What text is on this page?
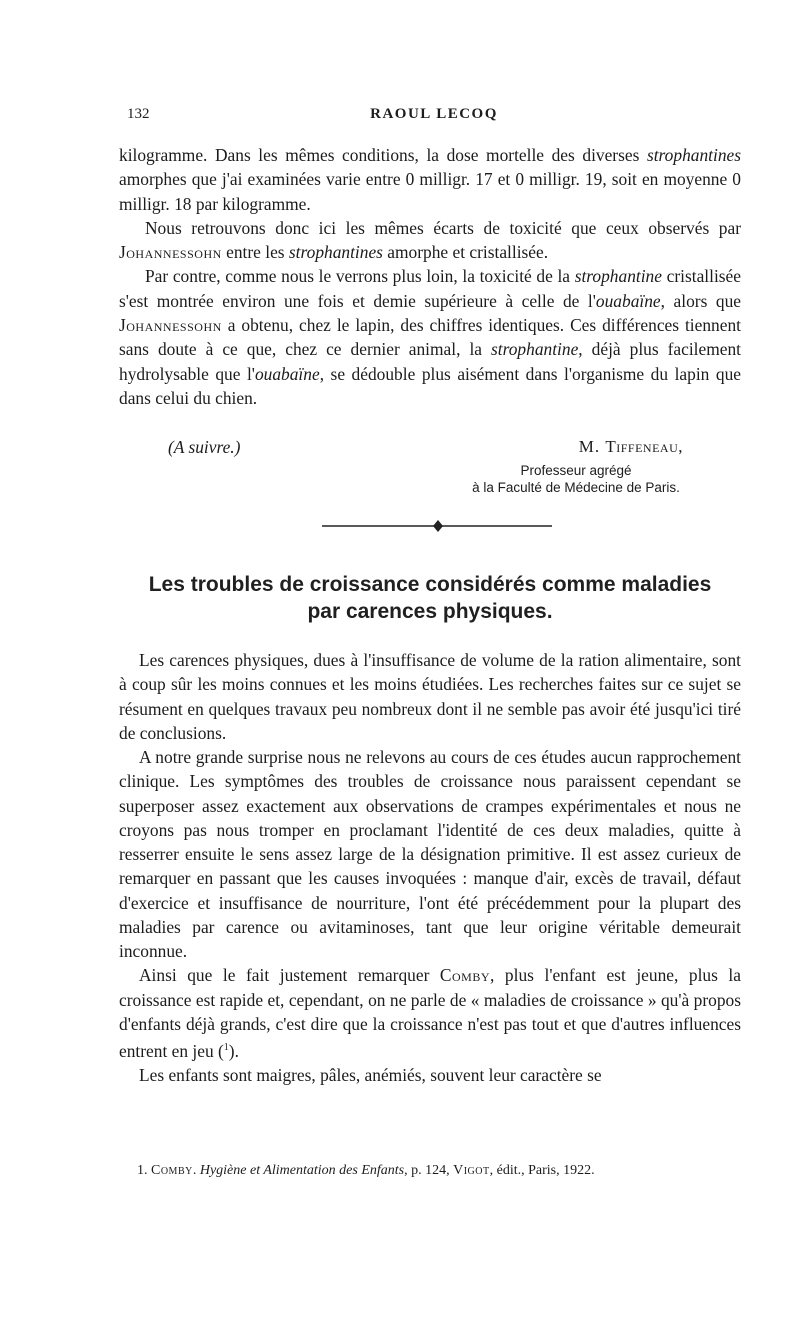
132	RAOUL LECOQ

kilogramme. Dans les mêmes conditions, la dose mortelle des diverses strophantines amorphes que j'ai examinées varie entre 0 milligr. 17 et 0 milligr. 19, soit en moyenne 0 milligr. 18 par kilogramme.

Nous retrouvons donc ici les mêmes écarts de toxicité que ceux observés par Johannessohn entre les strophantines amorphe et cristallisée.

Par contre, comme nous le verrons plus loin, la toxicité de la strophantine cristallisée s'est montrée environ une fois et demie supérieure à celle de l'ouabaïne, alors que Johannessohn a obtenu, chez le lapin, des chiffres identiques. Ces différences tiennent sans doute à ce que, chez ce dernier animal, la strophantine, déjà plus facilement hydrolysable que l'ouabaïne, se dédouble plus aisément dans l'organisme du lapin que dans celui du chien.

(A suivre.)	M. Tiffeneau,
Professeur agrégé
à la Faculté de Médecine de Paris.
Les troubles de croissance considérés comme maladies
par carences physiques.

Les carences physiques, dues à l'insuffisance de volume de la ration alimentaire, sont à coup sûr les moins connues et les moins étudiées. Les recherches faites sur ce sujet se résument en quelques travaux peu nombreux dont il ne semble pas avoir été jusqu'ici tiré de conclusions.

A notre grande surprise nous ne relevons au cours de ces études aucun rapprochement clinique. Les symptômes des troubles de croissance nous paraissent cependant se superposer assez exactement aux observations de crampes expérimentales et nous ne croyons pas nous tromper en proclamant l'identité de ces deux maladies, quitte à resserrer ensuite le sens assez large de la désignation primitive. Il est assez curieux de remarquer en passant que les causes invoquées : manque d'air, excès de travail, défaut d'exercice et insuffisance de nourriture, l'ont été précédemment pour la plupart des maladies par carence ou avitaminoses, tant que leur origine véritable demeurait inconnue.

Ainsi que le fait justement remarquer Comby, plus l'enfant est jeune, plus la croissance est rapide et, cependant, on ne parle de « maladies de croissance » qu'à propos d'enfants déjà grands, c'est dire que la croissance n'est pas tout et que d'autres influences entrent en jeu ($^1$).

Les enfants sont maigres, pâles, anémiés, souvent leur caractère se

1. Comby. Hygiène et Alimentation des Enfants, p. 124, Vigot, édit., Paris, 1922.
